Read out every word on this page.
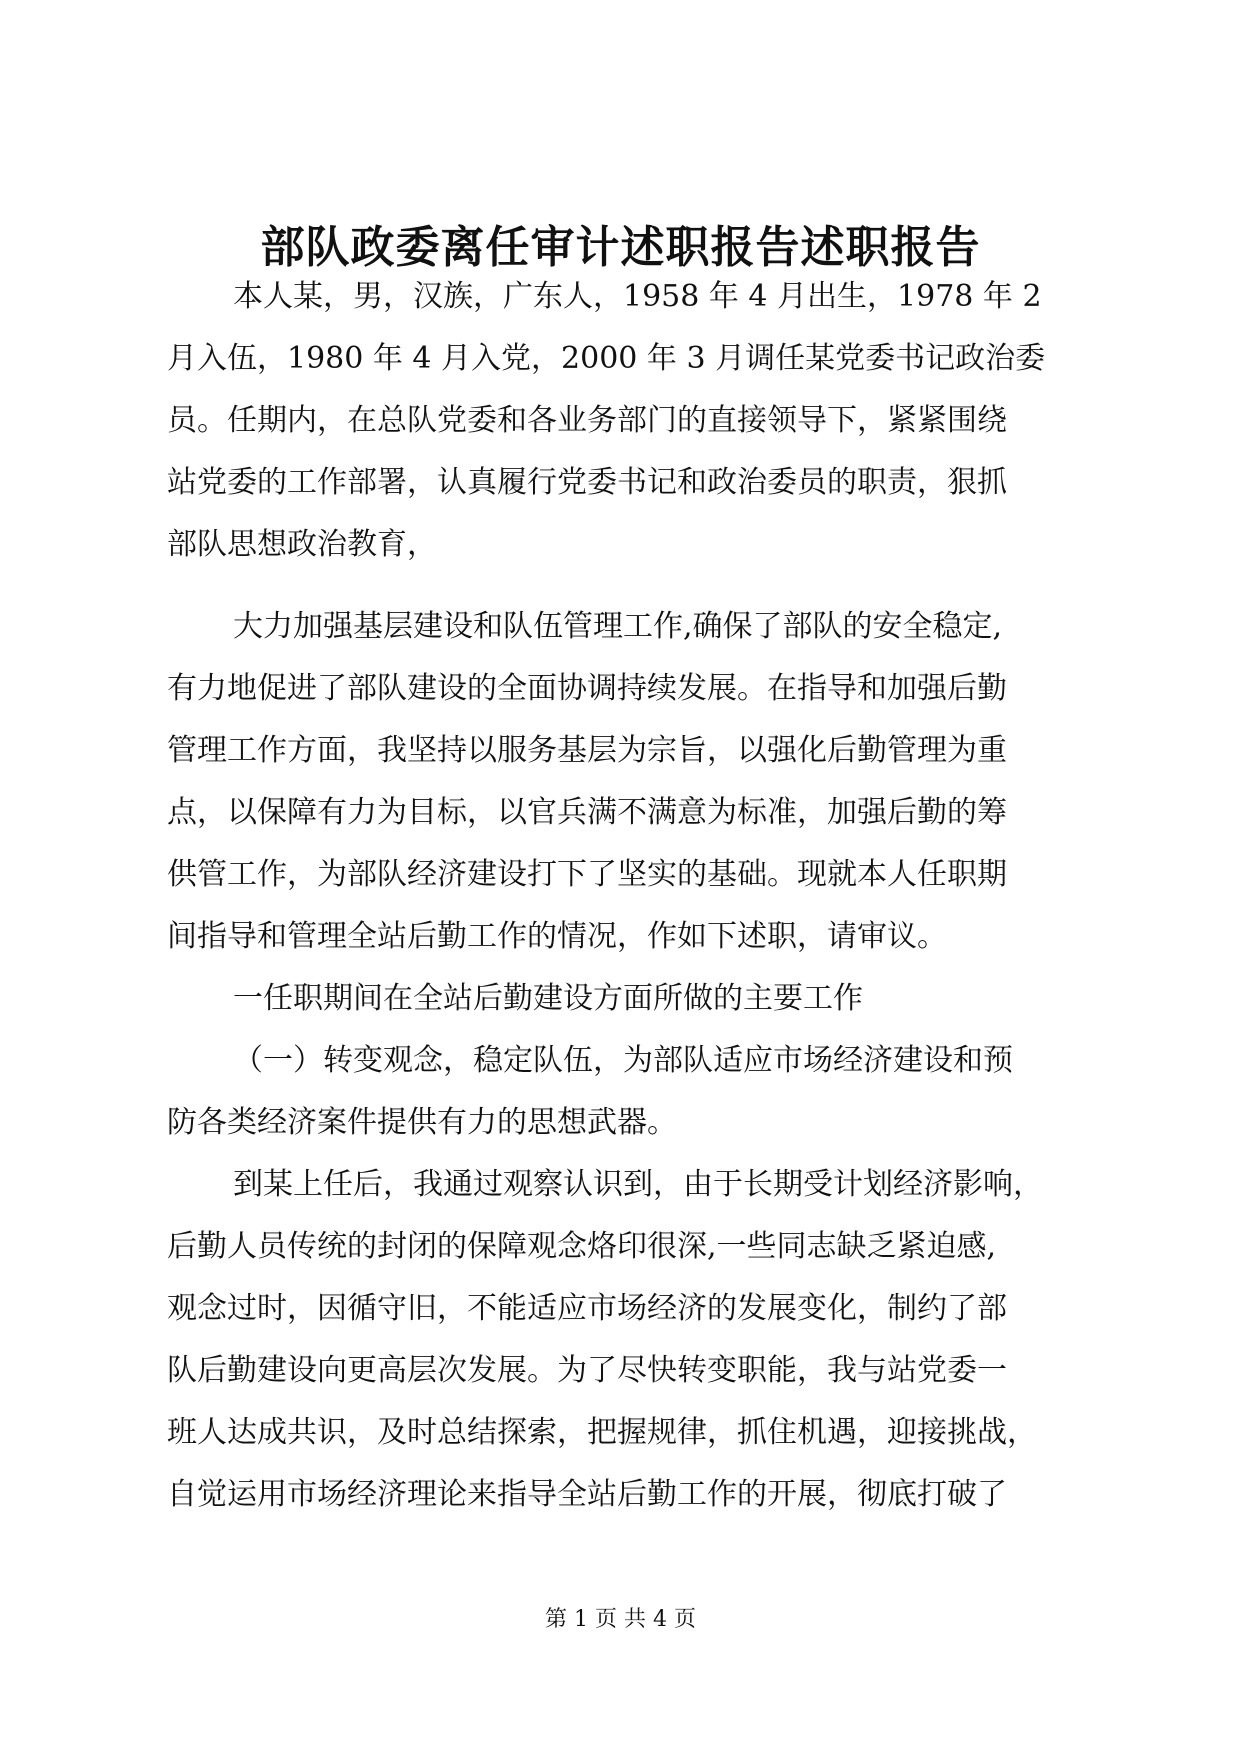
部队政委离任审计述职报告述职报告
本人某，男，汉族，广东人，1958 年 4 月出生，1978 年 2
月入伍，1980 年 4 月入党，2000 年 3 月调任某党委书记政治委
员。任期内，在总队党委和各业务部门的直接领导下，紧紧围绕
站党委的工作部署，认真履行党委书记和政治委员的职责，狠抓
部队思想政治教育，
大力加强基层建设和队伍管理工作,确保了部队的安全稳定,
有力地促进了部队建设的全面协调持续发展。在指导和加强后勤
管理工作方面，我坚持以服务基层为宗旨，以强化后勤管理为重
点，以保障有力为目标，以官兵满不满意为标准，加强后勤的筹
供管工作，为部队经济建设打下了坚实的基础。现就本人任职期
间指导和管理全站后勤工作的情况，作如下述职，请审议。
一任职期间在全站后勤建设方面所做的主要工作
（一）转变观念，稳定队伍，为部队适应市场经济建设和预
防各类经济案件提供有力的思想武器。
到某上任后，我通过观察认识到，由于长期受计划经济影响，
后勤人员传统的封闭的保障观念烙印很深,一些同志缺乏紧迫感,
观念过时，因循守旧，不能适应市场经济的发展变化，制约了部
队后勤建设向更高层次发展。为了尽快转变职能，我与站党委一
班人达成共识，及时总结探索，把握规律，抓住机遇，迎接挑战，
自觉运用市场经济理论来指导全站后勤工作的开展，彻底打破了
第 1 页 共 4 页
